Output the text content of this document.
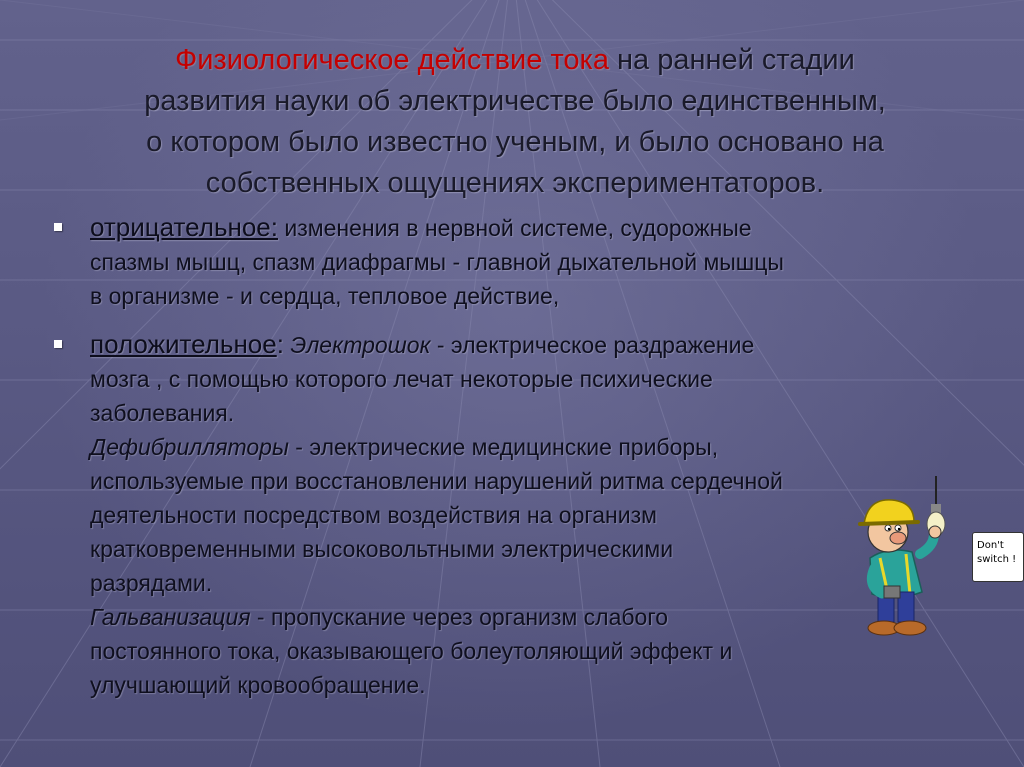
Физиологическое действие тока на ранней стадии
развития науки об электричестве было единственным,
о котором было известно ученым, и было основано на
собственных ощущениях экспериментаторов.
отрицательное: изменения в нервной системе, судорожные
спазмы мышц, спазм диафрагмы - главной дыхательной мышцы
в организме - и сердца, тепловое действие,
положительное: Электрошок - электрическое раздражение
мозга , с помощью которого лечат некоторые психические
заболевания.
Дефибрилляторы - электрические медицинские приборы,
используемые при восстановлении нарушений ритма сердечной
деятельности посредством воздействия на организм
кратковременными высоковольтными электрическими
разрядами.
Гальванизация - пропускание через организм слабого
постоянного тока, оказывающего болеутоляющий эффект и
улучшающий кровообращение.
Don't
switch !
